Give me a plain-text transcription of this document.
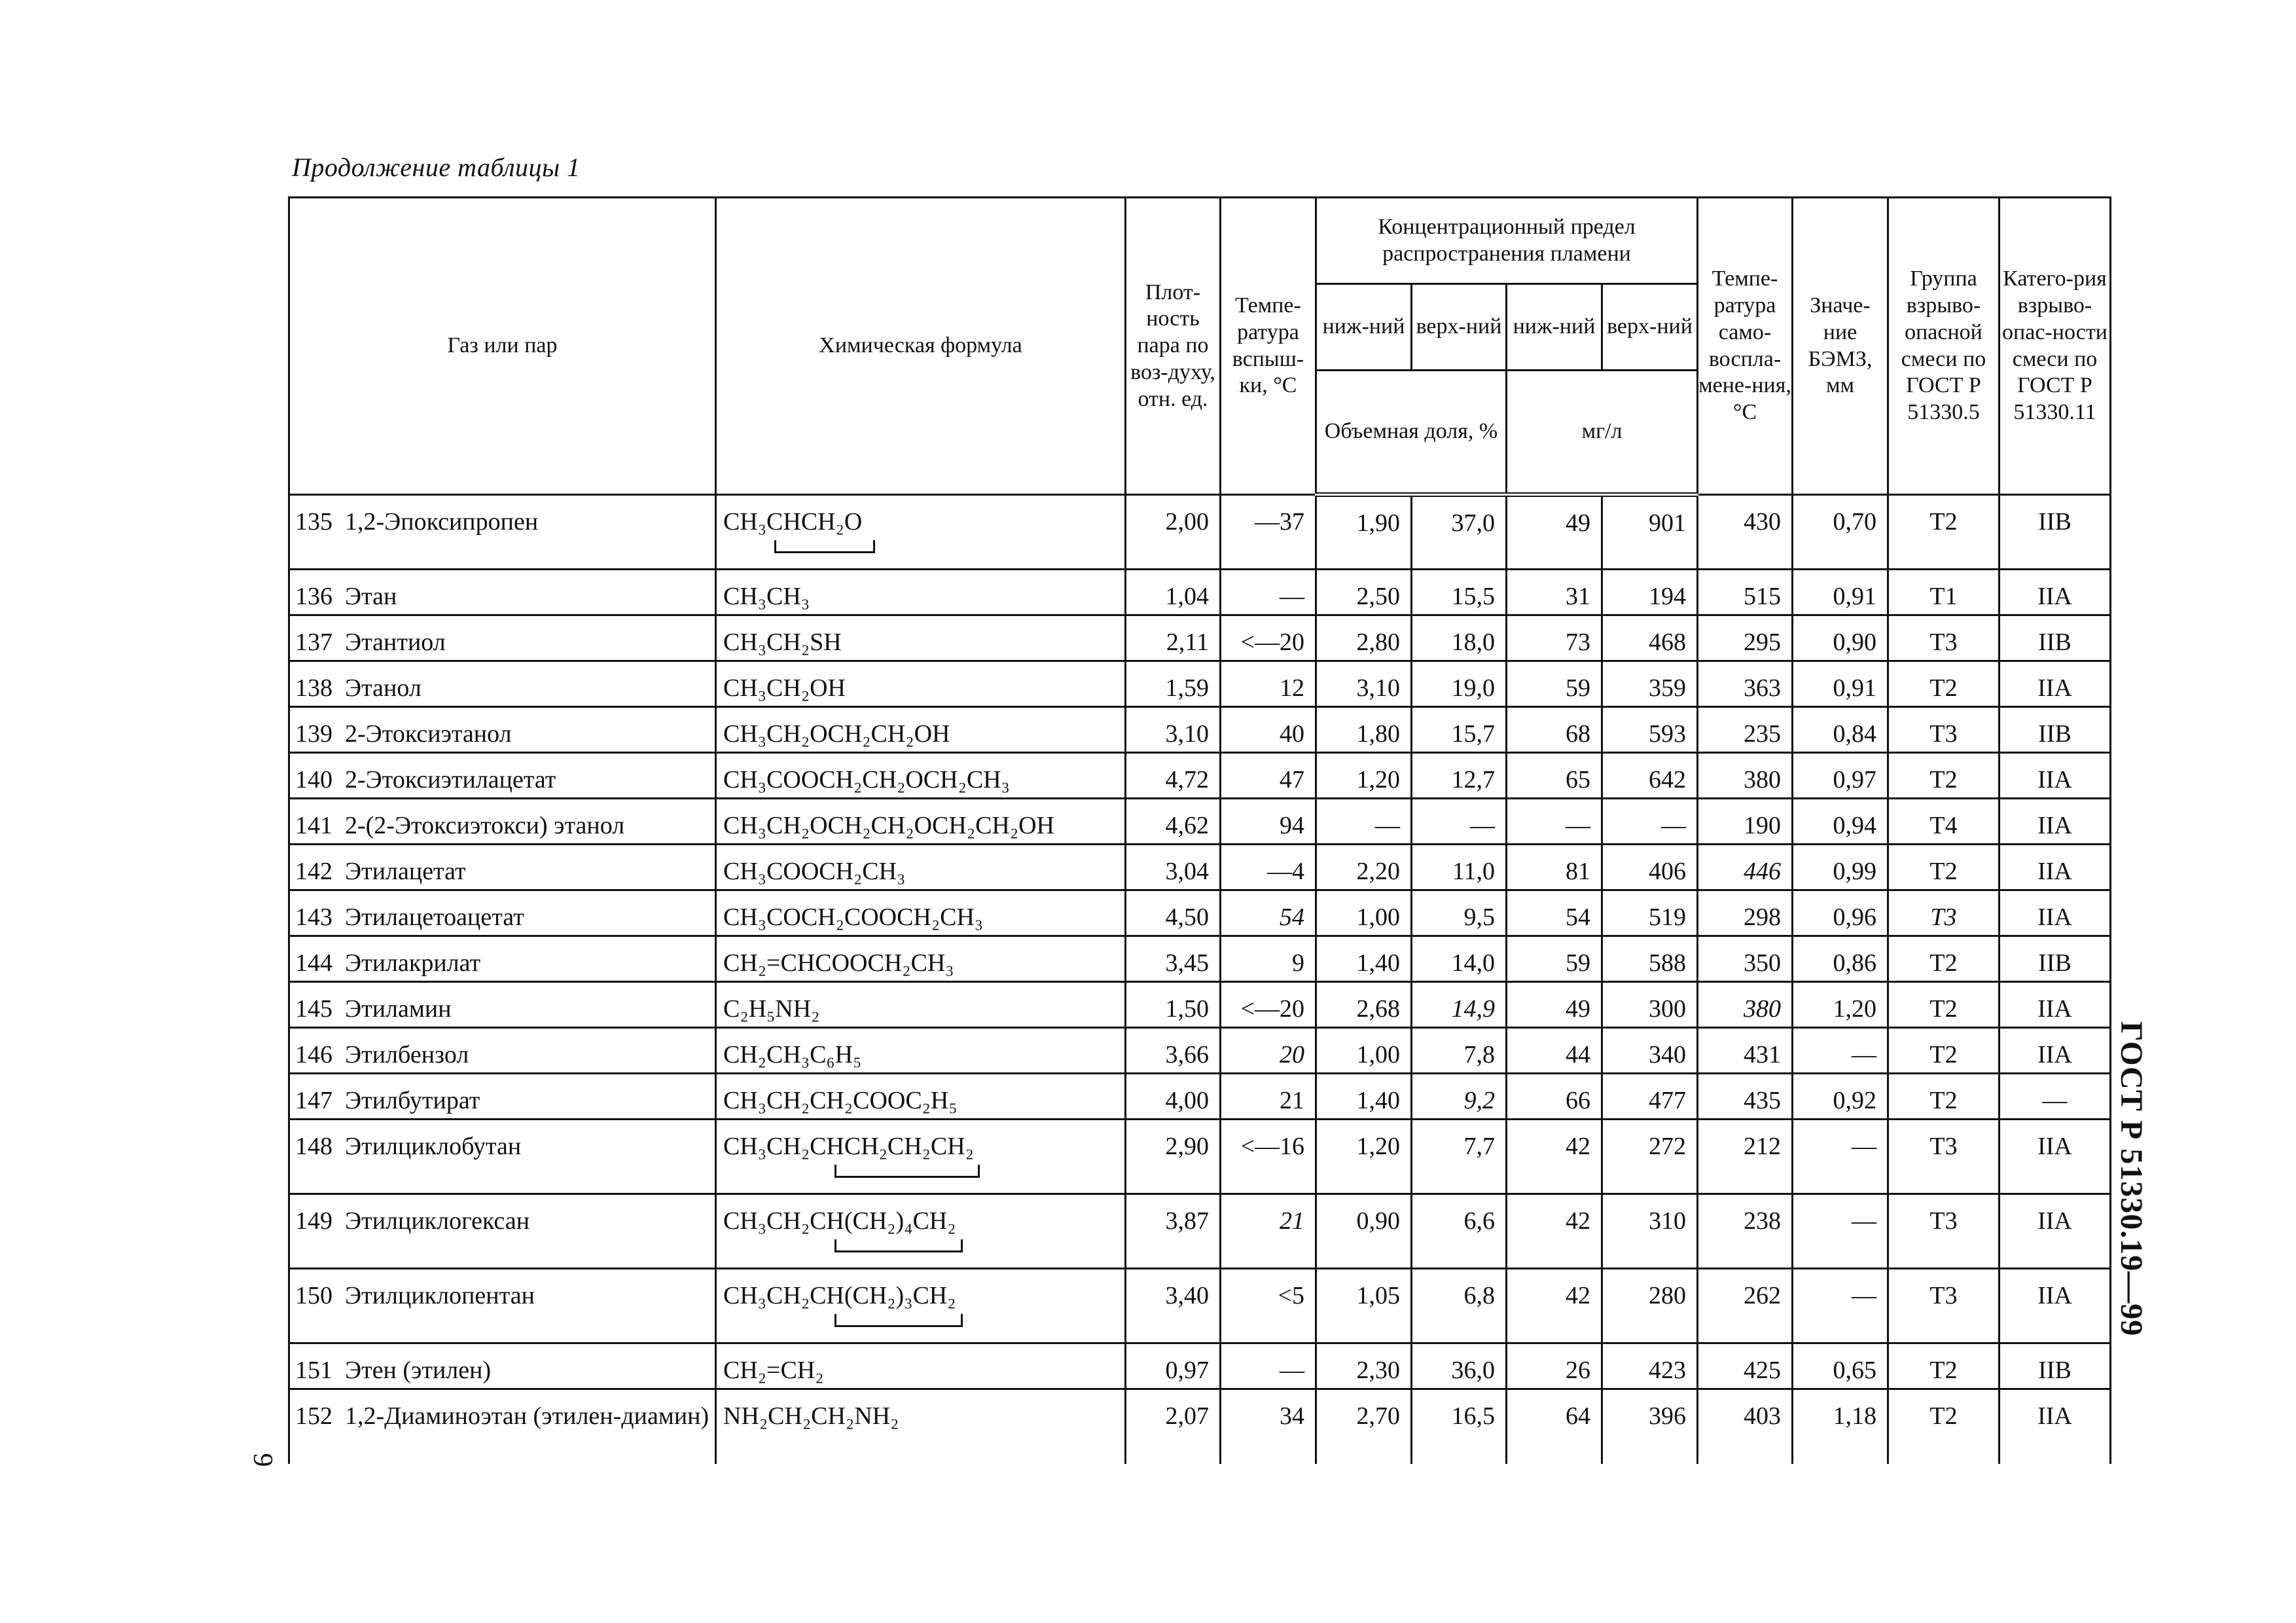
Продолжение таблицы 1
Газ или пар	Химическая формула	Плот-ность пара по воз-духу, отн. ед.	Темпе-ратура вспыш-ки, °С	Концентрационный предел распространения пламени				Темпе-ратура само-воспла-мене-ния, °С	Значе-ние БЭМЗ, мм	Группа взрыво-опасной смеси по ГОСТ Р 51330.5	Катего-рия взрыво-опас-ности смеси по ГОСТ Р 51330.11
				ниж-ний	верх-ний	ниж-ний	верх-ний				
				Объемная доля, %		мг/л					
135 1,2-Эпоксипропен	CH₃CHCH₂O	2,00	—37	1,90	37,0	49	901	430	0,70	T2	IIB
136 Этан	CH₃CH₃	1,04	—	2,50	15,5	31	194	515	0,91	T1	IIA
137 Этантиол	CH₃CH₂SH	2,11	<—20	2,80	18,0	73	468	295	0,90	T3	IIB
138 Этанол	CH₃CH₂OH	1,59	12	3,10	19,0	59	359	363	0,91	T2	IIA
139 2-Этоксиэтанол	CH₃CH₂OCH₂CH₂OH	3,10	40	1,80	15,7	68	593	235	0,84	T3	IIB
140 2-Этоксиэтилацетат	CH₃COOCH₂CH₂OCH₂CH₃	4,72	47	1,20	12,7	65	642	380	0,97	T2	IIA
141 2-(2-Этоксиэтокси) этанол	CH₃CH₂OCH₂CH₂OCH₂CH₂OH	4,62	94	—	—	—	—	190	0,94	T4	IIA
142 Этилацетат	CH₃COOCH₂CH₃	3,04	—4	2,20	11,0	81	406	446	0,99	T2	IIA
143 Этилацетоацетат	CH₃COCH₂COOCH₂CH₃	4,50	54	1,00	9,5	54	519	298	0,96	T3	IIA
144 Этилакрилат	CH₂=CHCOOCH₂CH₃	3,45	9	1,40	14,0	59	588	350	0,86	T2	IIB
145 Этиламин	C₂H₅NH₂	1,50	<—20	2,68	14,9	49	300	380	1,20	T2	IIA
146 Этилбензол	CH₂CH₃C₆H₅	3,66	20	1,00	7,8	44	340	431	—	T2	IIA
147 Этилбутират	CH₃CH₂CH₂COOC₂H₅	4,00	21	1,40	9,2	66	477	435	0,92	T2	—
148 Этилциклобутан	CH₃CH₂CHCH₂CH₂CH₂	2,90	<—16	1,20	7,7	42	272	212	—	T3	IIA
149 Этилциклогексан	CH₃CH₂CH(CH₂)₄CH₂	3,87	21	0,90	6,6	42	310	238	—	T3	IIA
150 Этилциклопентан	CH₃CH₂CH(CH₂)₃CH₂	3,40	<5	1,05	6,8	42	280	262	—	T3	IIA
151 Этен (этилен)	CH₂=CH₂	0,97	—	2,30	36,0	26	423	425	0,65	T2	IIB
152 1,2-Диаминоэтан (этилен-диамин)	NH₂CH₂CH₂NH₂	2,07	34	2,70	16,5	64	396	403	1,18	T2	IIA
ГОСТ Р 51330.19—99
9
